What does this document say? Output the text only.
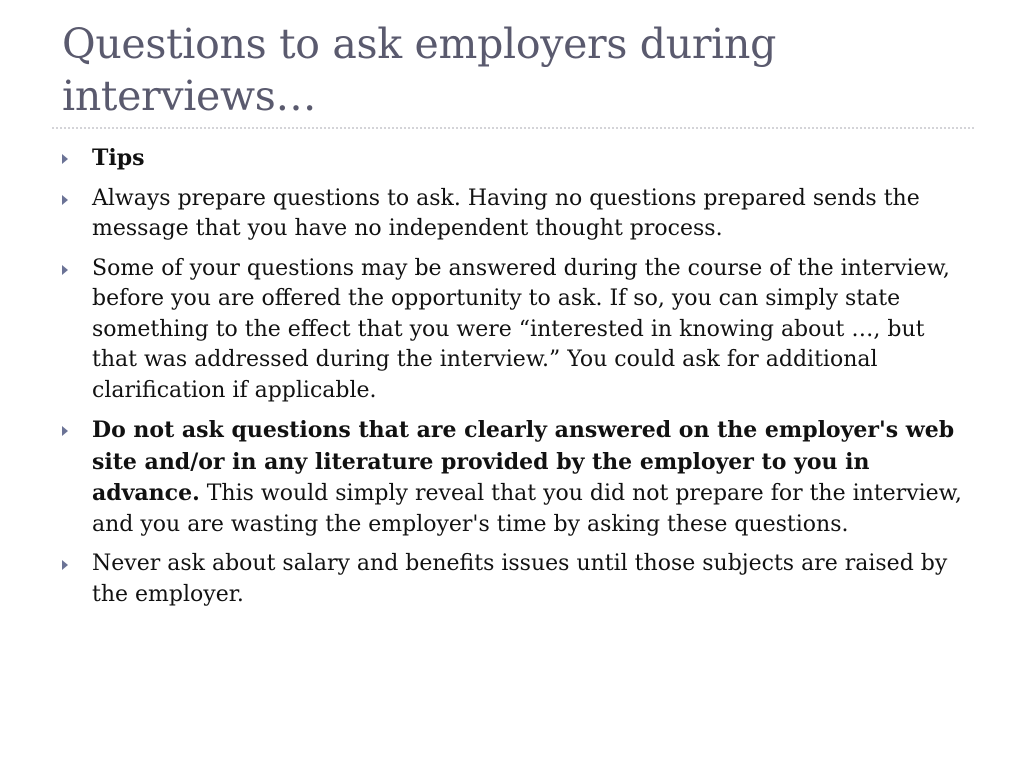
Questions to ask employers during interviews…
Tips
Always prepare questions to ask. Having no questions prepared sends the message that you have no independent thought process.
Some of your questions may be answered during the course of the interview, before you are offered the opportunity to ask. If so, you can simply state something to the effect that you were “interested in knowing about …, but that was addressed during the interview.” You could ask for additional clarification if applicable.
Do not ask questions that are clearly answered on the employer's web site and/or in any literature provided by the employer to you in advance. This would simply reveal that you did not prepare for the interview, and you are wasting the employer's time by asking these questions.
Never ask about salary and benefits issues until those subjects are raised by the employer.
